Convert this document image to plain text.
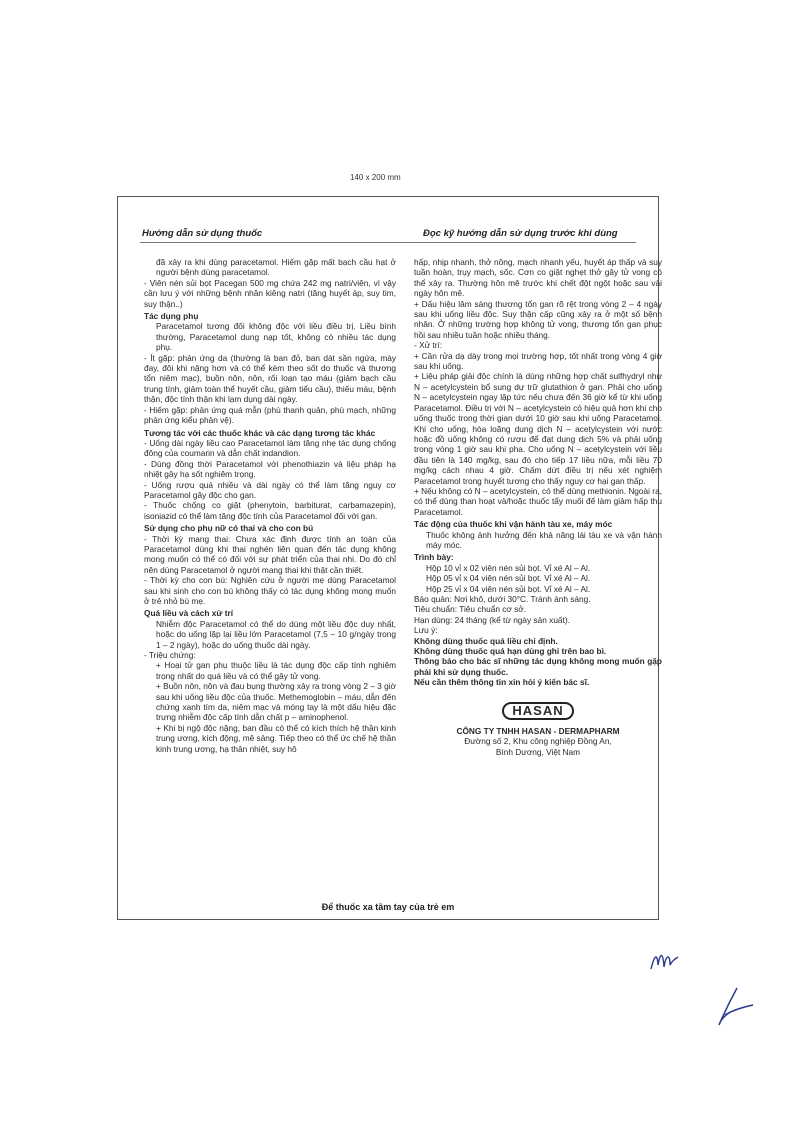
140 x 200 mm
Hướng dẫn sử dụng thuốc	Đọc kỹ hướng dẫn sử dụng trước khi dùng

đã xảy ra khi dùng paracetamol. Hiếm gặp mất bạch cầu hạt ở người bệnh dùng paracetamol.

- Viên nén sủi bọt Pacegan 500 mg chứa 242 mg natri/viên, vì vậy cần lưu ý với những bệnh nhân kiêng natri (tăng huyết áp, suy tim, suy thận..)

Tác dụng phụ

Paracetamol tương đối không độc với liều điều trị. Liều bình thường, Paracetamol dung nạp tốt, không có nhiều tác dụng phụ.

- Ít gặp: phản ứng da (thường là ban đỏ, ban dát sần ngứa, mày đay, đôi khi nặng hơn và có thể kèm theo sốt do thuốc và thương tổn niêm mạc), buồn nôn, nôn, rối loạn tạo máu (giảm bạch cầu trung tính, giảm toàn thể huyết cầu, giảm tiểu cầu), thiếu máu, bệnh thận, độc tính thận khi lạm dụng dài ngày.

- Hiếm gặp: phản ứng quá mẫn (phù thanh quản, phù mạch, những phản ứng kiểu phản vệ).

Tương tác với các thuốc khác và các dạng tương tác khác

- Uống dài ngày liều cao Paracetamol làm tăng nhẹ tác dụng chống đông của coumarin và dẫn chất indandion.

- Dùng đồng thời Paracetamol với phenothiazin và liệu pháp hạ nhiệt gây hạ sốt nghiêm trọng.

- Uống rượu quá nhiều và dài ngày có thể làm tăng nguy cơ Paracetamol gây độc cho gan.

- Thuốc chống co giật (phenytoin, barbiturat, carbamazepin), isoniazid có thể làm tăng độc tính của Paracetamol đối với gan.

Sử dụng cho phụ nữ có thai và cho con bú

- Thời kỳ mang thai: Chưa xác định được tính an toàn của Paracetamol dùng khi thai nghén liên quan đến tác dụng không mong muốn có thể có đối với sự phát triển của thai nhi. Do đó chỉ nên dùng Paracetamol ở người mang thai khi thật cần thiết.

- Thời kỳ cho con bú: Nghiên cứu ở người mẹ dùng Paracetamol sau khi sinh cho con bú không thấy có tác dụng không mong muốn ở trẻ nhỏ bú mẹ.

Quá liều và cách xử trí

Nhiễm độc Paracetamol có thể do dùng một liều độc duy nhất, hoặc do uống lặp lại liều lớn Paracetamol (7,5 – 10 g/ngày trong 1 – 2 ngày), hoặc do uống thuốc dài ngày.

- Triệu chứng:

+ Hoại tử gan phụ thuộc liều là tác dụng độc cấp tính nghiêm trọng nhất do quá liều và có thể gây tử vong.

+ Buồn nôn, nôn và đau bụng thường xảy ra trong vòng 2 – 3 giờ sau khi uống liều độc của thuốc. Methemoglobin – máu, dẫn đến chứng xanh tím da, niêm mạc và móng tay là một dấu hiệu đặc trưng nhiễm độc cấp tính dẫn chất p – aminophenol.

+ Khi bị ngộ độc nặng, ban đầu có thể có kích thích hệ thần kinh trung ương, kích động, mê sảng. Tiếp theo có thể ức chế hệ thần kinh trung ương, hạ thân nhiệt, suy hô

hấp, nhịp nhanh, thở nông, mạch nhanh yếu, huyết áp thấp và suy tuần hoàn, trụy mạch, sốc. Cơn co giật nghẹt thở gây tử vong có thể xảy ra. Thường hôn mê trước khi chết đột ngột hoặc sau vài ngày hôn mê.

+ Dấu hiệu lâm sàng thương tổn gan rõ rệt trong vòng 2 – 4 ngày sau khi uống liều độc. Suy thận cấp cũng xảy ra ở một số bệnh nhân. Ở những trường hợp không tử vong, thương tổn gan phục hồi sau nhiều tuần hoặc nhiều tháng.

- Xử trí:

+ Cần rửa dạ dày trong mọi trường hợp, tốt nhất trong vòng 4 giờ sau khi uống.

+ Liệu pháp giải độc chính là dùng những hợp chất sulfhydryl như N – acetylcystein bổ sung dự trữ glutathion ở gan. Phải cho uống N – acetylcystein ngay lập tức nếu chưa đến 36 giờ kể từ khi uống Paracetamol. Điều trị với N – acetylcystein có hiệu quả hơn khi cho uống thuốc trong thời gian dưới 10 giờ sau khi uống Paracetamol. Khi cho uống, hòa loãng dung dịch N – acetylcystein với nước hoặc đồ uống không có rượu để đạt dung dịch 5% và phải uống trong vòng 1 giờ sau khi pha. Cho uống N – acetylcystein với liều đầu tiên là 140 mg/kg, sau đó cho tiếp 17 liều nữa, mỗi liều 70 mg/kg cách nhau 4 giờ. Chấm dứt điều trị nếu xét nghiệm Paracetamol trong huyết tương cho thấy nguy cơ hại gan thấp.

+ Nếu không có N – acetylcystein, có thể dùng methionin. Ngoài ra, có thể dùng than hoạt và/hoặc thuốc tẩy muối để làm giảm hấp thu Paracetamol.

Tác động của thuốc khi vận hành tàu xe, máy móc

Thuốc không ảnh hưởng đến khả năng lái tàu xe và vận hành máy móc.

Trình bày:

Hộp 10 vỉ x 02 viên nén sủi bọt. Vỉ xé Al – Al.

Hộp 05 vỉ x 04 viên nén sủi bọt. Vỉ xé Al – Al.

Hộp 25 vỉ x 04 viên nén sủi bọt. Vỉ xé Al – Al.

Bảo quản: Nơi khô, dưới 30°C. Tránh ánh sáng.

Tiêu chuẩn: Tiêu chuẩn cơ sở.

Hạn dùng: 24 tháng (kể từ ngày sản xuất).

Lưu ý:

Không dùng thuốc quá liều chỉ định.

Không dùng thuốc quá hạn dùng ghi trên bao bì.

Thông báo cho bác sĩ những tác dụng không mong muốn gặp phải khi sử dụng thuốc.

Nếu cần thêm thông tin xin hỏi ý kiến bác sĩ.

HASAN
CÔNG TY TNHH HASAN - DERMAPHARM
Đường số 2, Khu công nghiệp Đồng An,
Bình Dương, Việt Nam
Để thuốc xa tầm tay của trẻ em
